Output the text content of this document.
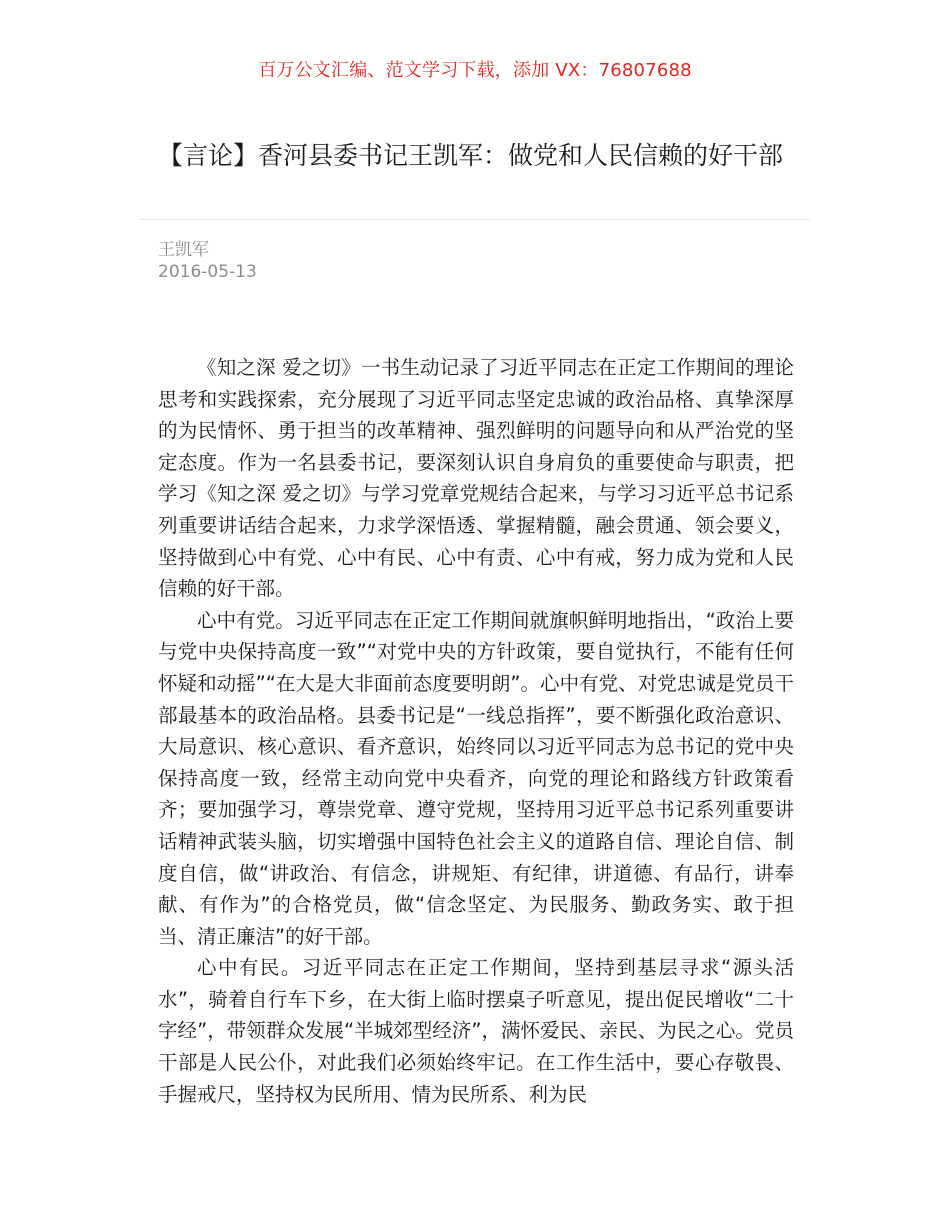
百万公文汇编、范文学习下载，添加 VX：76807688
【言论】香河县委书记王凯军：做党和人民信赖的好干部
王凯军
2016-05-13

《知之深 爱之切》一书生动记录了习近平同志在正定工作期间的理论思考和实践探索，充分展现了习近平同志坚定忠诚的政治品格、真挚深厚的为民情怀、勇于担当的改革精神、强烈鲜明的问题导向和从严治党的坚定态度。作为一名县委书记，要深刻认识自身肩负的重要使命与职责，把学习《知之深 爱之切》与学习党章党规结合起来，与学习习近平总书记系列重要讲话结合起来，力求学深悟透、掌握精髓，融会贯通、领会要义，坚持做到心中有党、心中有民、心中有责、心中有戒，努力成为党和人民信赖的好干部。

心中有党。习近平同志在正定工作期间就旗帜鲜明地指出，“政治上要与党中央保持高度一致”“对党中央的方针政策，要自觉执行，不能有任何怀疑和动摇”“在大是大非面前态度要明朗”。心中有党、对党忠诚是党员干部最基本的政治品格。县委书记是“一线总指挥”，要不断强化政治意识、大局意识、核心意识、看齐意识，始终同以习近平同志为总书记的党中央保持高度一致，经常主动向党中央看齐，向党的理论和路线方针政策看齐；要加强学习，尊崇党章、遵守党规，坚持用习近平总书记系列重要讲话精神武装头脑，切实增强中国特色社会主义的道路自信、理论自信、制度自信，做“讲政治、有信念，讲规矩、有纪律，讲道德、有品行，讲奉献、有作为”的合格党员，做“信念坚定、为民服务、勤政务实、敢于担当、清正廉洁”的好干部。

心中有民。习近平同志在正定工作期间，坚持到基层寻求“源头活水”，骑着自行车下乡，在大街上临时摆桌子听意见，提出促民增收“二十字经”，带领群众发展“半城郊型经济”，满怀爱民、亲民、为民之心。党员干部是人民公仆，对此我们必须始终牢记。在工作生活中，要心存敬畏、手握戒尺，坚持权为民所用、情为民所系、利为民
